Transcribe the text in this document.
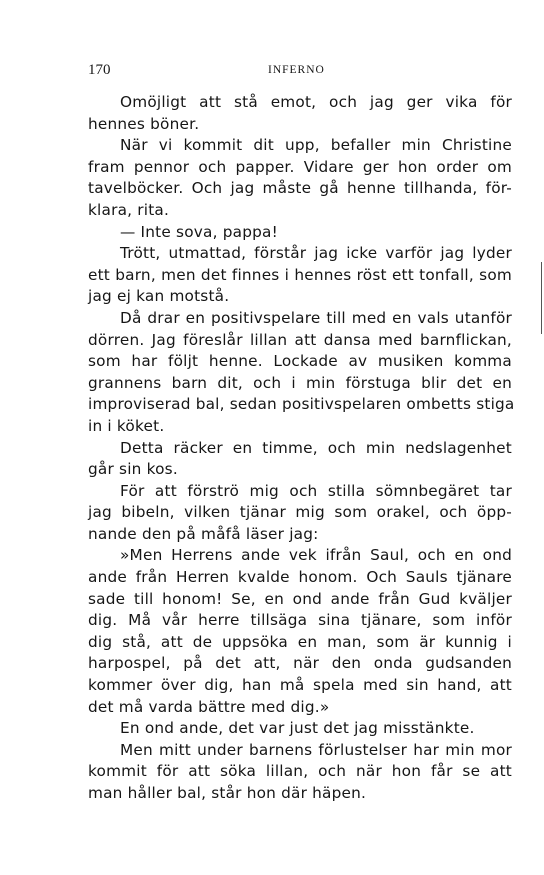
170	INFERNO
Omöjligt att stå emot, och jag ger vika för
hennes böner.
När vi kommit dit upp, befaller min Christine
fram pennor och papper. Vidare ger hon order om
tavelböcker. Och jag måste gå henne tillhanda, för-
klara, rita.
— Inte sova, pappa!
Trött, utmattad, förstår jag icke varför jag lyder
ett barn, men det finnes i hennes röst ett tonfall, som
jag ej kan motstå.
Då drar en positivspelare till med en vals utanför
dörren. Jag föreslår lillan att dansa med barnflickan,
som har följt henne. Lockade av musiken komma
grannens barn dit, och i min förstuga blir det en
improviserad bal, sedan positivspelaren ombetts stiga
in i köket.
Detta räcker en timme, och min nedslagenhet
går sin kos.
För att förströ mig och stilla sömnbegäret tar
jag bibeln, vilken tjänar mig som orakel, och öpp-
nande den på måfå läser jag:
»Men Herrens ande vek ifrån Saul, och en ond
ande från Herren kvalde honom. Och Sauls tjänare
sade till honom! Se, en ond ande från Gud kväljer
dig. Må vår herre tillsäga sina tjänare, som inför
dig stå, att de uppsöka en man, som är kunnig i
harpospel, på det att, när den onda gudsanden
kommer över dig, han må spela med sin hand, att
det må varda bättre med dig.»
En ond ande, det var just det jag misstänkte.
Men mitt under barnens förlustelser har min mor
kommit för att söka lillan, och när hon får se att
man håller bal, står hon där häpen.
